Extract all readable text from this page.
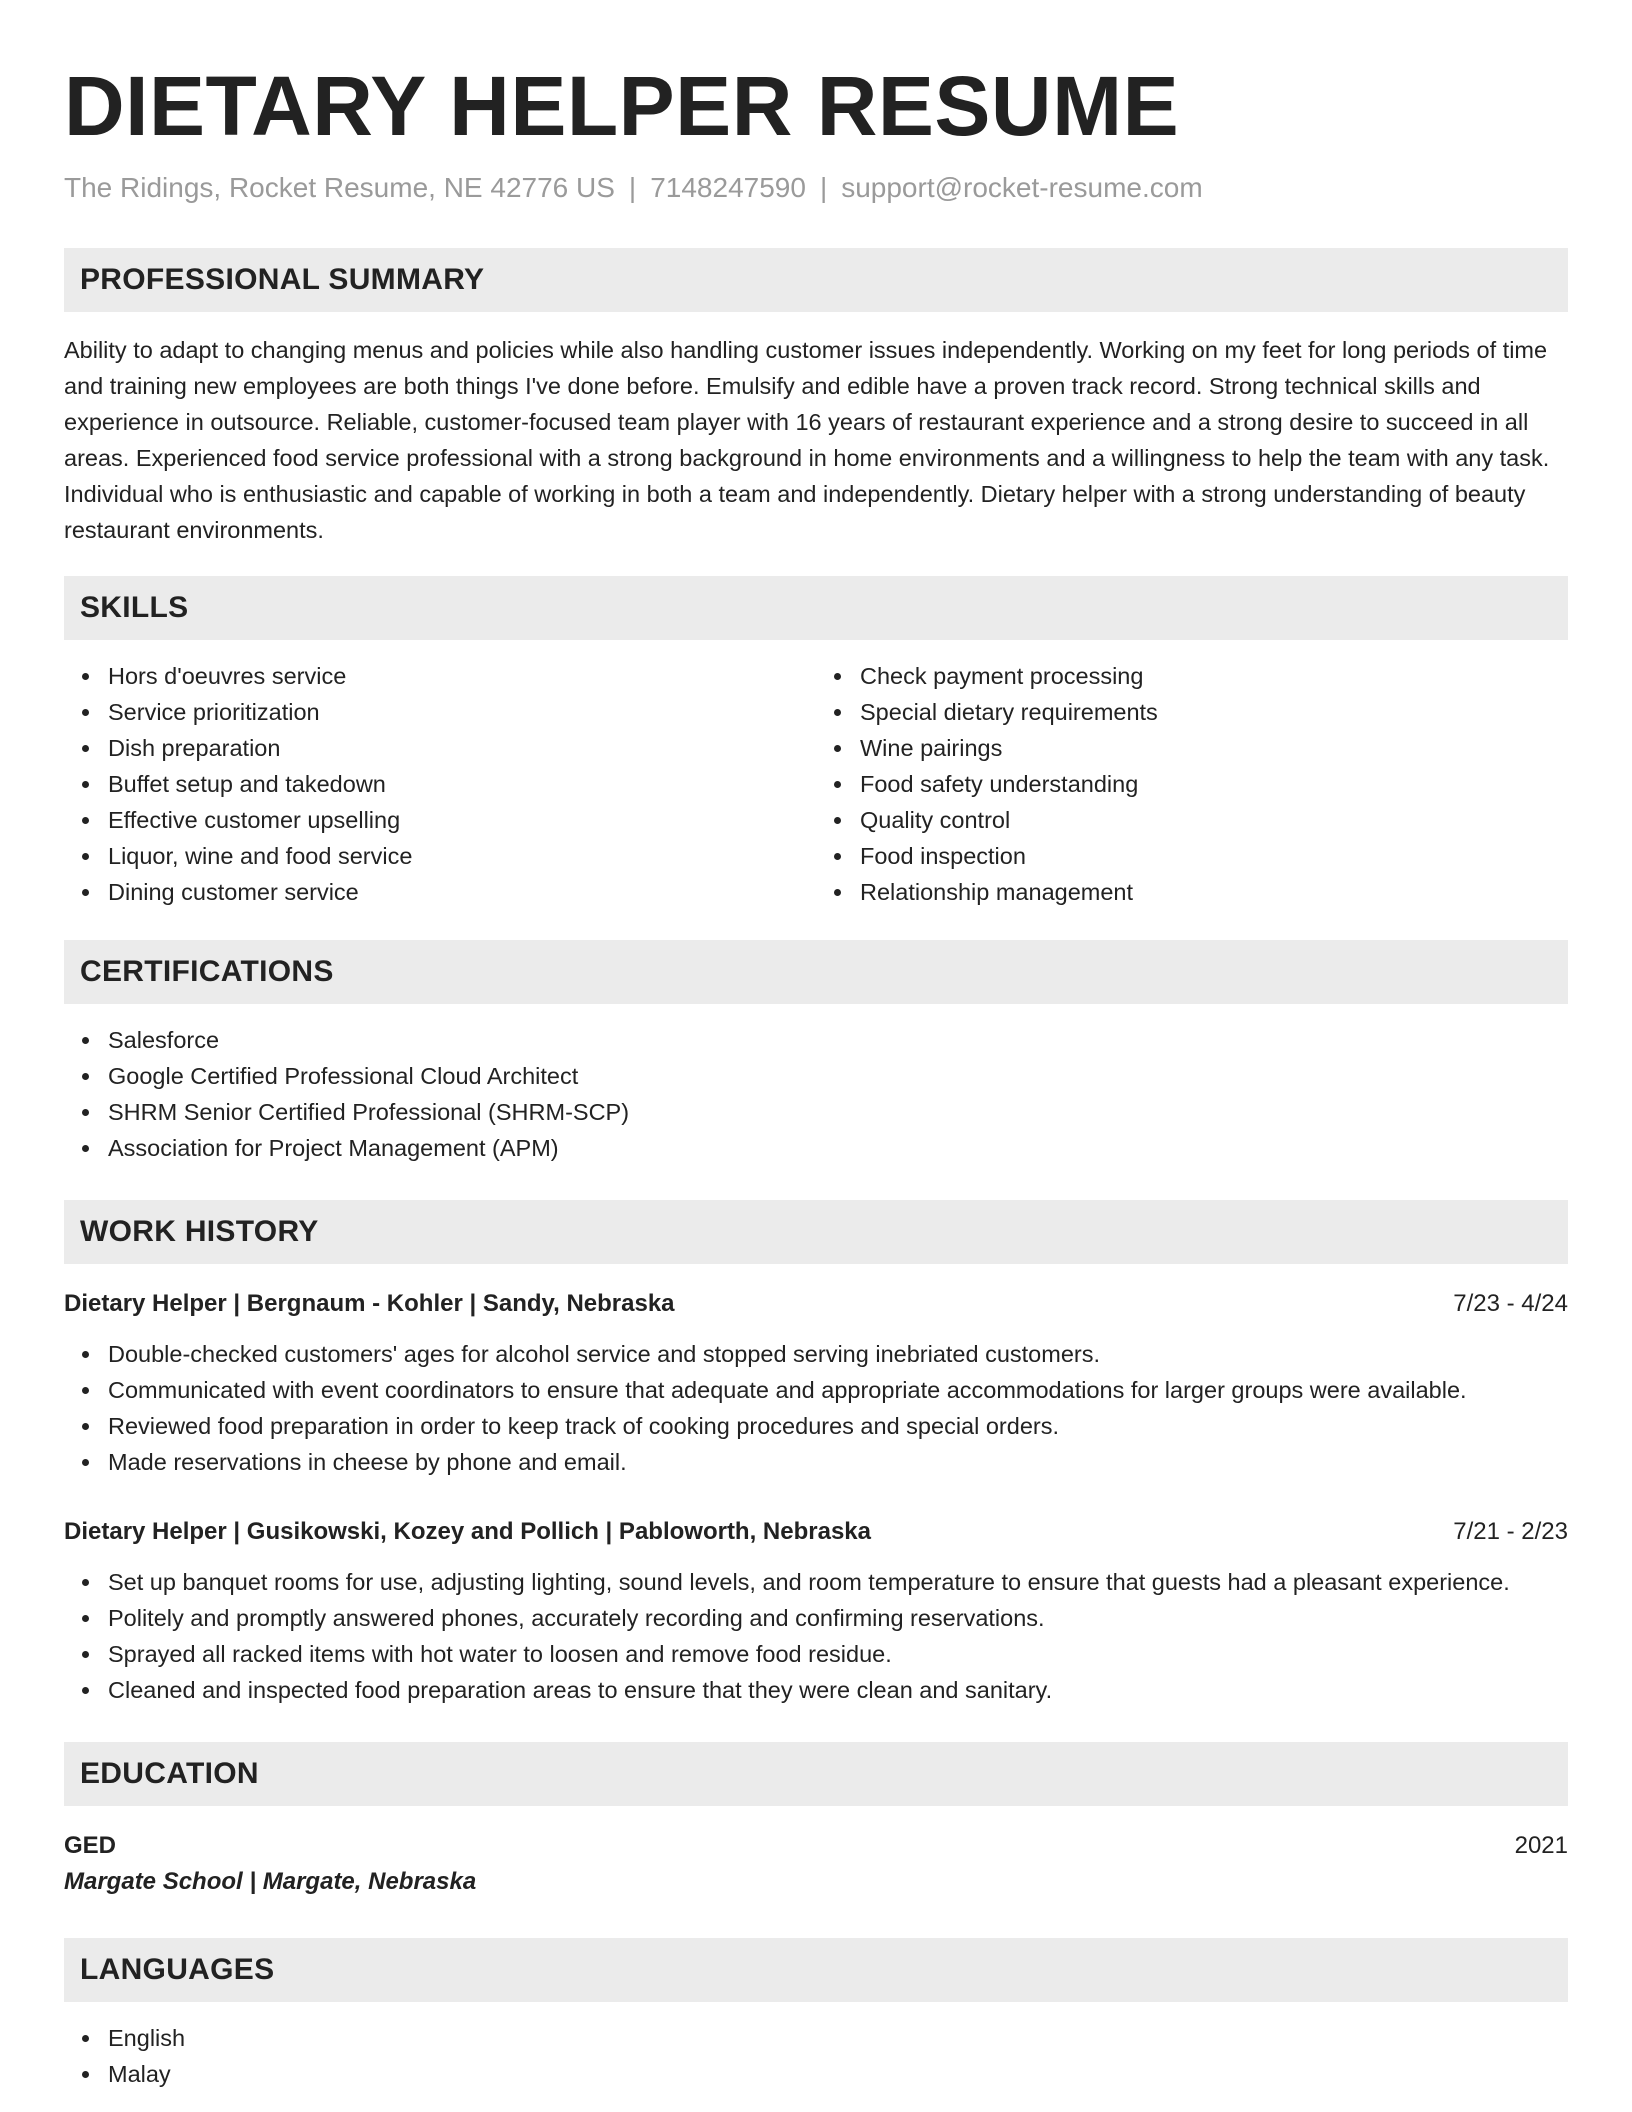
DIETARY HELPER RESUME
The Ridings, Rocket Resume, NE 42776 US | 7148247590 | support@rocket-resume.com
PROFESSIONAL SUMMARY

Ability to adapt to changing menus and policies while also handling customer issues independently. Working on my feet for long periods of time and training new employees are both things I've done before. Emulsify and edible have a proven track record. Strong technical skills and experience in outsource. Reliable, customer-focused team player with 16 years of restaurant experience and a strong desire to succeed in all areas. Experienced food service professional with a strong background in home environments and a willingness to help the team with any task. Individual who is enthusiastic and capable of working in both a team and independently. Dietary helper with a strong understanding of beauty restaurant environments.

SKILLS
Hors d'oeuvres service
Service prioritization
Dish preparation
Buffet setup and takedown
Effective customer upselling
Liquor, wine and food service
Dining customer service
Check payment processing
Special dietary requirements
Wine pairings
Food safety understanding
Quality control
Food inspection
Relationship management
CERTIFICATIONS
Salesforce
Google Certified Professional Cloud Architect
SHRM Senior Certified Professional (SHRM-SCP)
Association for Project Management (APM)
WORK HISTORY
Dietary Helper | Bergnaum - Kohler | Sandy, Nebraska	7/23 - 4/24
Double-checked customers' ages for alcohol service and stopped serving inebriated customers.
Communicated with event coordinators to ensure that adequate and appropriate accommodations for larger groups were available.
Reviewed food preparation in order to keep track of cooking procedures and special orders.
Made reservations in cheese by phone and email.
Dietary Helper | Gusikowski, Kozey and Pollich | Pabloworth, Nebraska	7/21 - 2/23
Set up banquet rooms for use, adjusting lighting, sound levels, and room temperature to ensure that guests had a pleasant experience.
Politely and promptly answered phones, accurately recording and confirming reservations.
Sprayed all racked items with hot water to loosen and remove food residue.
Cleaned and inspected food preparation areas to ensure that they were clean and sanitary.
EDUCATION
GED	2021
Margate School | Margate, Nebraska
LANGUAGES
English
Malay
